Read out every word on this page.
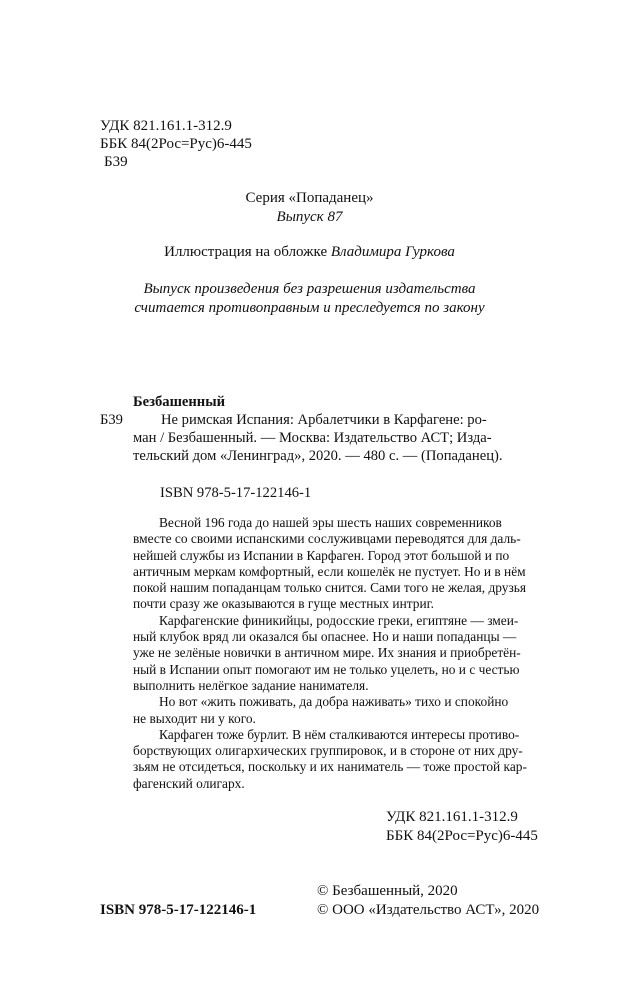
УДК 821.161.1-312.9
ББК 84(2Рос=Рус)6-445
Б39
Серия «Попаданец»
Выпуск 87
Иллюстрация на обложке Владимира Гуркова
Выпуск произведения без разрешения издательства
считается противоправным и преследуется по закону
Безбашенный
Б39	Не римская Испания: Арбалетчики в Карфагене: ро-
ман / Безбашенный. — Москва: Издательство АСТ; Изда-
тельский дом «Ленинград», 2020. — 480 с. — (Попаданец).
ISBN 978-5-17-122146-1

Весной 196 года до нашей эры шесть наших современников
вместе со своими испанскими сослуживцами переводятся для даль-
нейшей службы из Испании в Карфаген. Город этот большой и по
античным меркам комфортный, если кошелёк не пустует. Но и в нём
покой нашим попаданцам только снится. Сами того не желая, друзья
почти сразу же оказываются в гуще местных интриг.

Карфагенские финикийцы, родосские греки, египтяне — змеи-
ный клубок вряд ли оказался бы опаснее. Но и наши попаданцы —
уже не зелёные новички в античном мире. Их знания и приобретён-
ный в Испании опыт помогают им не только уцелеть, но и с честью
выполнить нелёгкое задание нанимателя.

Но вот «жить поживать, да добра наживать» тихо и спокойно
не выходит ни у кого.

Карфаген тоже бурлит. В нём сталкиваются интересы противо-
борствующих олигархических группировок, и в стороне от них дру-
зьям не отсидеться, поскольку и их наниматель — тоже простой кар-
фагенский олигарх.

УДК 821.161.1-312.9
ББК 84(2Рос=Рус)6-445
© Безбашенный, 2020
ISBN 978-5-17-122146-1	© ООО «Издательство АСТ», 2020
